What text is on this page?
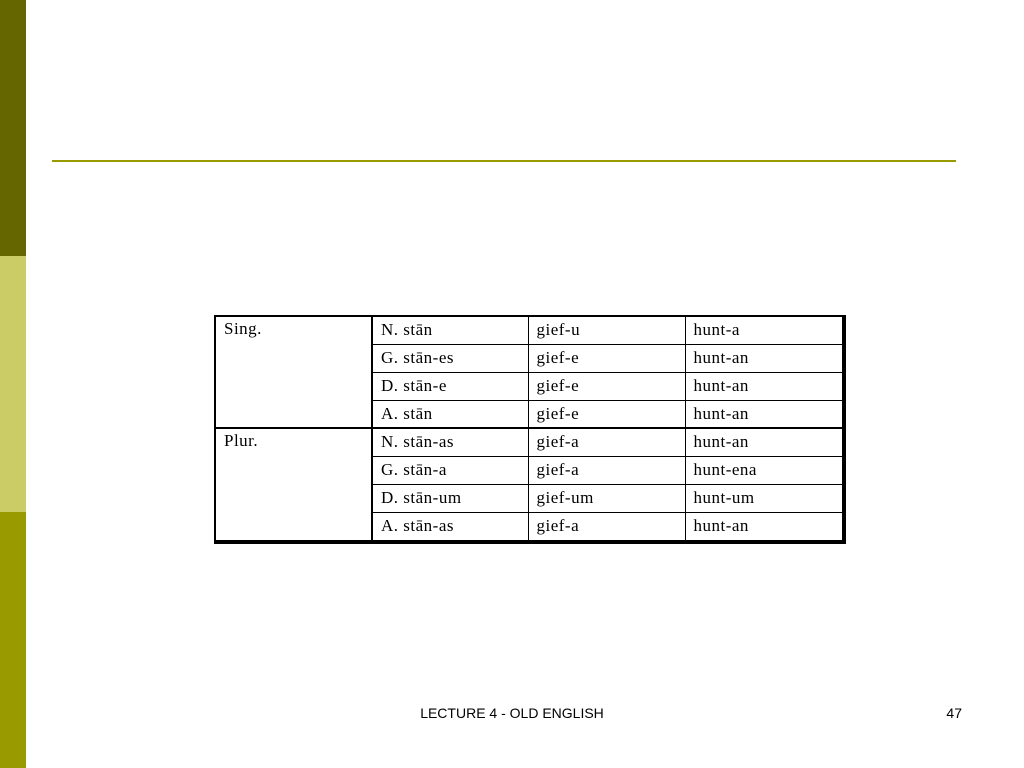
Sing.	N. stān	gief-u	hunt-a
	G. stān-es	gief-e	hunt-an
	D. stān-e	gief-e	hunt-an
	A. stān	gief-e	hunt-an
Plur.	N. stān-as	gief-a	hunt-an
	G. stān-a	gief-a	hunt-ena
	D. stān-um	gief-um	hunt-um
	A. stān-as	gief-a	hunt-an
LECTURE 4 - OLD ENGLISH	47
